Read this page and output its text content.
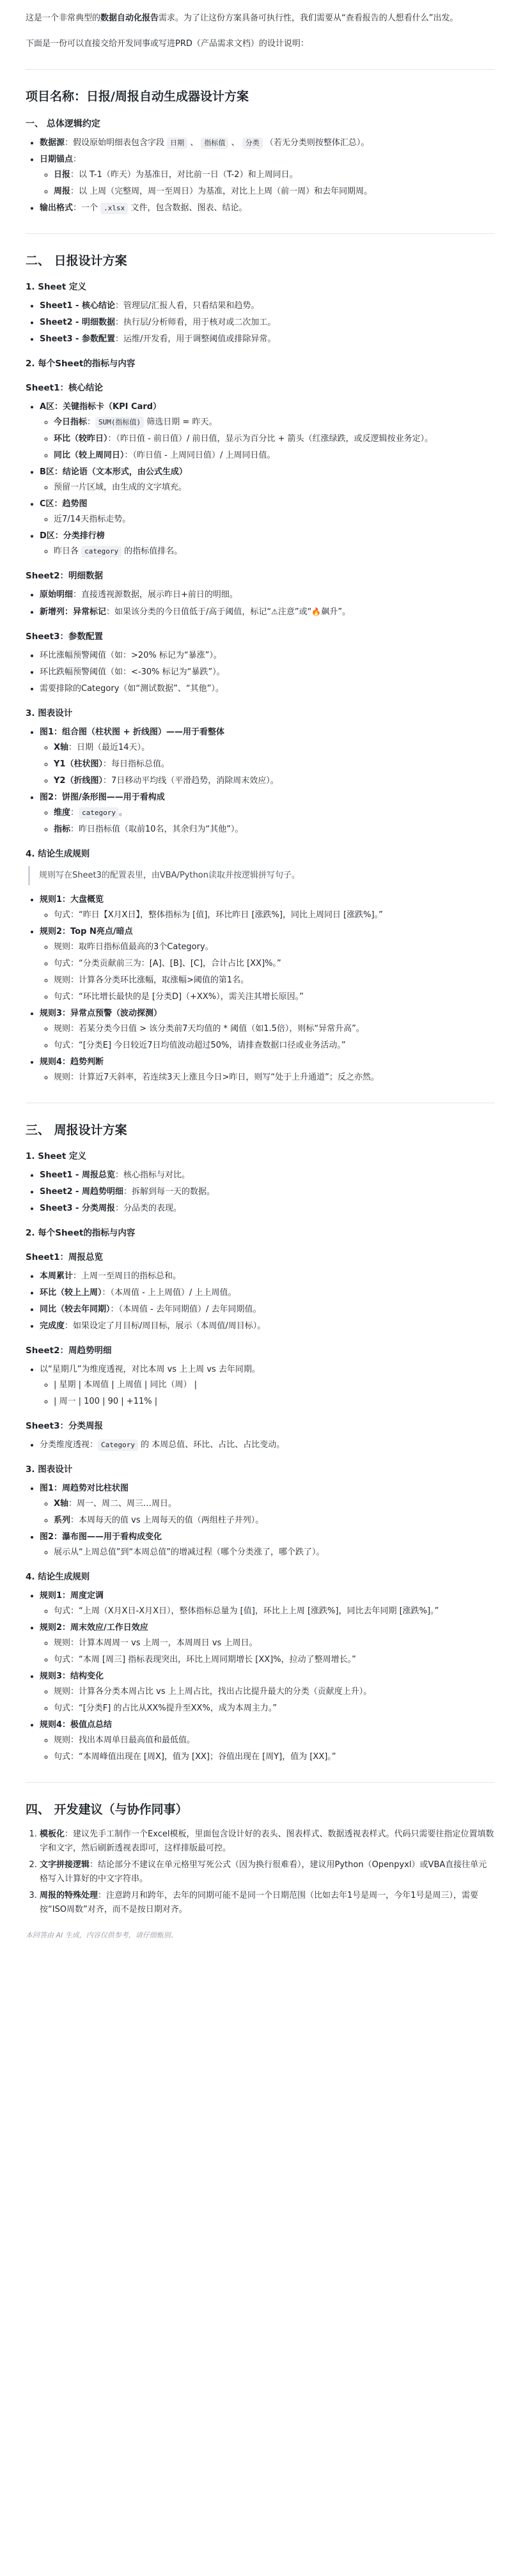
这是一个非常典型的数据自动化报告需求。为了让这份方案具备可执行性，我们需要从“查看报告的人想看什么”出发。

下面是一份可以直接交给开发同事或写进PRD（产品需求文档）的设计说明：

项目名称：日报/周报自动生成器设计方案
一、 总体逻辑约定
• 数据源：假设原始明细表包含字段 日期 、 指标值 、 分类 （若无分类则按整体汇总）。
• 日期锚点：
◦ 日报：以 T-1（昨天）为基准日，对比前一日（T-2）和上周同日。
◦ 周报：以 上周（完整周，周一至周日）为基准，对比上上周（前一周）和去年同期周。
• 输出格式：一个 .xlsx 文件，包含数据、图表、结论。
二、 日报设计方案
1. Sheet 定义
• Sheet1 - 核心结论：管理层/汇报人看，只看结果和趋势。
• Sheet2 - 明细数据：执行层/分析师看，用于核对或二次加工。
• Sheet3 - 参数配置：运维/开发看，用于调整阈值或排除异常。
2. 每个Sheet的指标与内容
Sheet1：核心结论
• A区：关键指标卡（KPI Card）
◦ 今日指标： SUM(指标值) 筛选日期 = 昨天。
◦ 环比（较昨日）：（昨日值 - 前日值）/ 前日值，显示为百分比 + 箭头（红涨绿跌，或反逻辑按业务定）。
◦ 同比（较上周同日）：（昨日值 - 上周同日值）/ 上周同日值。
• B区：结论语（文本形式，由公式生成）
◦ 预留一片区域，由生成的文字填充。
• C区：趋势图
◦ 近7/14天指标走势。
• D区：分类排行榜
◦ 昨日各 category 的指标值排名。
Sheet2：明细数据
• 原始明细：直接透视源数据，展示昨日+前日的明细。
• 新增列：异常标记：如果该分类的今日值低于/高于阈值，标记“⚠注意”或“🔥飙升”。
Sheet3：参数配置
• 环比涨幅预警阈值（如：>20% 标记为“暴涨”）。
• 环比跌幅预警阈值（如：<-30% 标记为“暴跌”）。
• 需要排除的Category（如“测试数据”、“其他”）。
3. 图表设计
• 图1：组合图（柱状图 + 折线图）——用于看整体
◦ X轴：日期（最近14天）。
◦ Y1（柱状图）：每日指标总值。
◦ Y2（折线图）：7日移动平均线（平滑趋势，消除周末效应）。
• 图2：饼图/条形图——用于看构成
◦ 维度： category 。
◦ 指标：昨日指标值（取前10名，其余归为“其他”）。
4. 结论生成规则
规则写在Sheet3的配置表里，由VBA/Python读取并按逻辑拼写句子。
• 规则1：大盘概览
◦ 句式：“昨日【X月X日】，整体指标为 [值]，环比昨日 [涨跌%]，同比上周同日 [涨跌%]。”
• 规则2：Top N亮点/暗点
◦ 规则：取昨日指标值最高的3个Category。
◦ 句式：“分类贡献前三为：[A]、[B]、[C]，合计占比 [XX]%。”
◦ 规则：计算各分类环比涨幅，取涨幅>阈值的第1名。
◦ 句式：“环比增长最快的是 [分类D]（+XX%），需关注其增长原因。”
• 规则3：异常点预警（波动探测）
◦ 规则：若某分类今日值 > 该分类前7天均值的 * 阈值（如1.5倍），则标“异常升高”。
◦ 句式：“[分类E] 今日较近7日均值波动超过50%，请排查数据口径或业务活动。”
• 规则4：趋势判断
◦ 规则：计算近7天斜率，若连续3天上涨且今日>昨日，则写“处于上升通道”；反之亦然。
三、 周报设计方案
1. Sheet 定义
• Sheet1 - 周报总览：核心指标与对比。
• Sheet2 - 周趋势明细：拆解到每一天的数据。
• Sheet3 - 分类周报：分品类的表现。
2. 每个Sheet的指标与内容
Sheet1：周报总览
• 本周累计：上周一至周日的指标总和。
• 环比（较上上周）：（本周值 - 上上周值）/ 上上周值。
• 同比（较去年同期）：（本周值 - 去年同期值）/ 去年同期值。
• 完成度：如果设定了月目标/周目标，展示（本周值/周目标）。
Sheet2：周趋势明细
• 以“星期几”为维度透视，对比本周 vs 上上周 vs 去年同期。
◦ | 星期 | 本周值 | 上周值 | 同比（周） |
◦ | 周一 | 100 | 90 | +11% |
Sheet3：分类周报
• 分类维度透视： Category 的 本周总值、环比、占比、占比变动。
3. 图表设计
• 图1：周趋势对比柱状图
◦ X轴：周一、周二、周三…周日。
◦ 系列：本周每天的值 vs 上周每天的值（两组柱子并列）。
• 图2：瀑布图——用于看构成变化
◦ 展示从“上周总值”到“本周总值”的增减过程（哪个分类涨了，哪个跌了）。
4. 结论生成规则
• 规则1：周度定调
◦ 句式：“上周（X月X日-X月X日），整体指标总量为 [值]，环比上上周 [涨跌%]，同比去年同期 [涨跌%]。”
• 规则2：周末效应/工作日效应
◦ 规则：计算本周周一 vs 上周一，本周周日 vs 上周日。
◦ 句式：“本周 [周三] 指标表现突出，环比上周同期增长 [XX]%，拉动了整周增长。”
• 规则3：结构变化
◦ 规则：计算各分类本周占比 vs 上上周占比，找出占比提升最大的分类（贡献度上升）。
◦ 句式：“[分类F] 的占比从XX%提升至XX%，成为本周主力。”
• 规则4：极值点总结
◦ 规则：找出本周单日最高值和最低值。
◦ 句式：“本周峰值出现在 [周X]，值为 [XX]；谷值出现在 [周Y]，值为 [XX]。”
四、 开发建议（与协作同事）
1. 模板化：建议先手工制作一个Excel模板，里面包含设计好的表头、图表样式、数据透视表样式。代码只需要往指定位置填数字和文字，然后刷新透视表即可，这样排版最可控。
2. 文字拼接逻辑：结论部分不建议在单元格里写死公式（因为换行很难看），建议用Python（Openpyxl）或VBA直接往单元格写入计算好的中文字符串。
3. 周报的特殊处理：注意跨月和跨年，去年的同期可能不是同一个日期范围（比如去年1号是周一，今年1号是周三），需要按“ISO周数”对齐，而不是按日期对齐。
本回答由 AI 生成，内容仅供参考，请仔细甄别。
